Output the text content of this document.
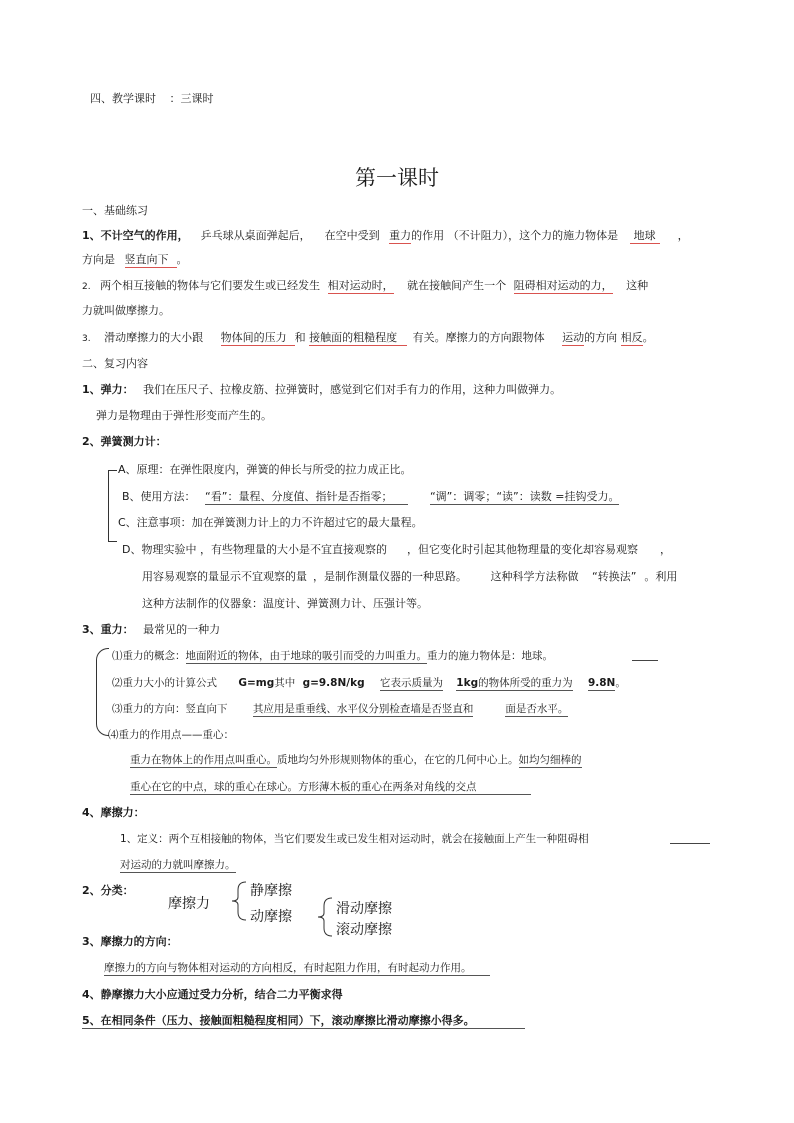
四、教学课时 ：三课时
第一课时
一、基础练习
1、不计空气的作用， 乒乓球从桌面弹起后， 在空中受到 重力的作用 （不计阻力），这个力的施力物体是 地球 ，
方向是 竖直向下 。
2. 两个相互接触的物体与它们要发生或已经发生 相对运动时， 就在接触间产生一个 阻碍相对运动的力， 这种
力就叫做摩擦力。
3. 滑动摩擦力的大小跟 物体间的压力 和 接触面的粗糙程度 有关。摩擦力的方向跟物体 运动的方向 相反。
二、复习内容
1、弹力： 我们在压尺子、拉橡皮筋、拉弹簧时，感觉到它们对手有力的作用，这种力叫做弹力。
弹力是物理由于弹性形变而产生的。
2、弹簧测力计：
A、原理：在弹性限度内，弹簧的伸长与所受的拉力成正比。
B、使用方法： “看”：量程、分度值、指针是否指零；	“调”：调零；“读”：读数 =挂钩受力。
C、注意事项：加在弹簧测力计上的力不许超过它的最大量程。
D、物理实验中 ，有些物理量的大小是不宜直接观察的 ，但它变化时引起其他物理量的变化却容易观察 ，
用容易观察的量显示不宜观察的量 ，是制作测量仪器的一种思路。 这种科学方法称做 “转换法” 。利用
这种方法制作的仪器象：温度计、弹簧测力计、压强计等。
3、重力： 最常见的一种力
⑴重力的概念：地面附近的物体，由于地球的吸引而受的力叫重力。重力的施力物体是：地球。
⑵重力大小的计算公式 G=mg其中 g=9.8N/kg 它表示质量为 1kg的物体所受的重力为 9.8N。
⑶重力的方向：竖直向下 其应用是重垂线、水平仪分别检查墙是否竖直和	面是否水平。
⑷重力的作用点——重心：
重力在物体上的作用点叫重心。质地均匀外形规则物体的重心，在它的几何中心上。如均匀细棒的
重心在它的中点，球的重心在球心。方形薄木板的重心在两条对角线的交点
4、摩擦力：
1、定义：两个互相接触的物体，当它们要发生或已发生相对运动时，就会在接触面上产生一种阻碍相
对运动的力就叫摩擦力。
2、分类：
摩擦力
静摩擦
动摩擦	滑动摩擦
滚动摩擦
3、摩擦力的方向：
摩擦力的方向与物体相对运动的方向相反，有时起阻力作用，有时起动力作用。
4、静摩擦力大小应通过受力分析，结合二力平衡求得
5、在相同条件（压力、接触面粗糙程度相同）下，滚动摩擦比滑动摩擦小得多。
